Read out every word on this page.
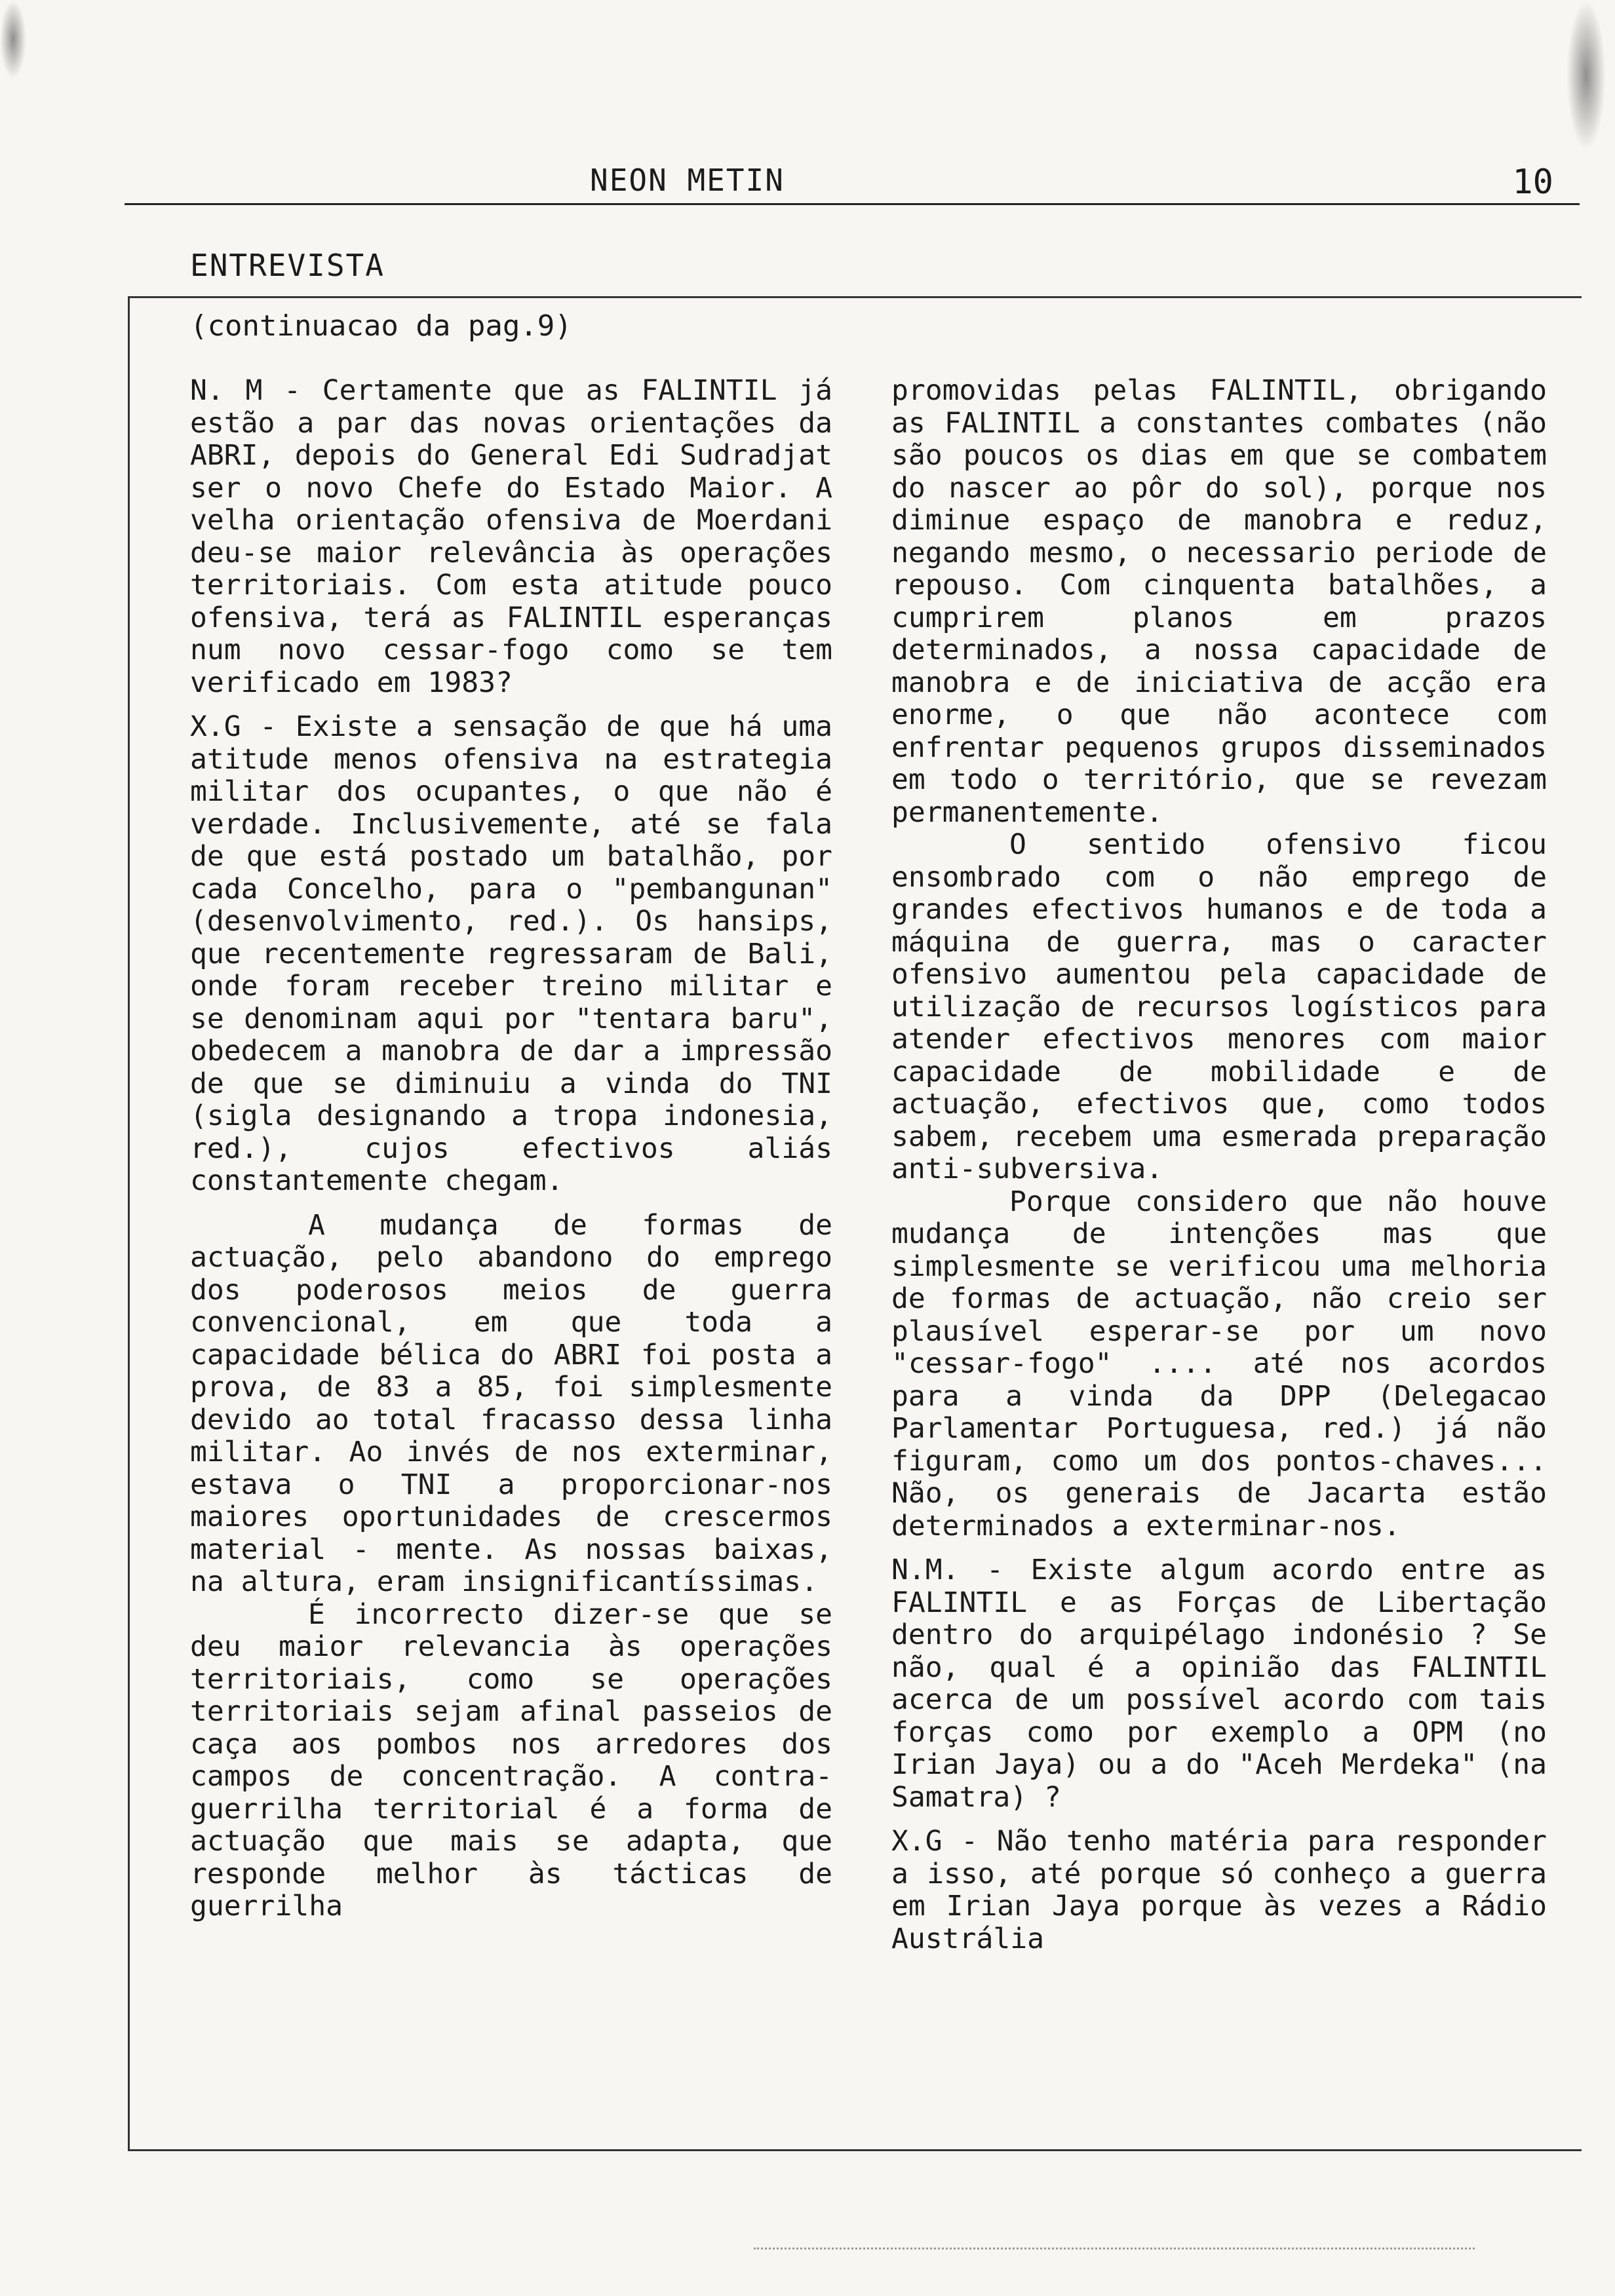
NEON METIN	10
ENTREVISTA
(continuacao da pag.9)

N. M - Certamente que as FALINTIL já estão a par das novas orientações da ABRI, depois do General Edi Sudradjat ser o novo Chefe do Estado Maior. A velha orientação ofensiva de Moerdani deu-se maior relevância às operações territoriais. Com esta atitude pouco ofensiva, terá as FALINTIL esperanças num novo cessar-fogo como se tem verificado em 1983?

X.G - Existe a sensação de que há uma atitude menos ofensiva na estrategia militar dos ocupantes, o que não é verdade. Inclusivemente, até se fala de que está postado um batalhão, por cada Concelho, para o "pembangunan" (desenvolvimento, red.). Os hansips, que recentemente regressaram de Bali, onde foram receber treino militar e se denominam aqui por "tentara baru", obedecem a manobra de dar a impressão de que se diminuiu a vinda do TNI (sigla designando a tropa indonesia, red.), cujos efectivos aliás constantemente chegam.

A mudança de formas de actuação, pelo abandono do emprego dos poderosos meios de guerra convencional, em que toda a capacidade bélica do ABRI foi posta a prova, de 83 a 85, foi simplesmente devido ao total fracasso dessa linha militar. Ao invés de nos exterminar, estava o TNI a proporcionar-nos maiores oportunidades de crescermos material - mente. As nossas baixas, na altura, eram insignificantíssimas.

É incorrecto dizer-se que se deu maior relevancia às operações territoriais, como se operações territoriais sejam afinal passeios de caça aos pombos nos arredores dos campos de concentração. A contra-guerrilha territorial é a forma de actuação que mais se adapta, que responde melhor às tácticas de guerrilha

promovidas pelas FALINTIL, obrigando as FALINTIL a constantes combates (não são poucos os dias em que se combatem do nascer ao pôr do sol), porque nos diminue espaço de manobra e reduz, negando mesmo, o necessario periode de repouso. Com cinquenta batalhões, a cumprirem planos em prazos determinados, a nossa capacidade de manobra e de iniciativa de acção era enorme, o que não acontece com enfrentar pequenos grupos disseminados em todo o território, que se revezam permanentemente.

O sentido ofensivo ficou ensombrado com o não emprego de grandes efectivos humanos e de toda a máquina de guerra, mas o caracter ofensivo aumentou pela capacidade de utilização de recursos logísticos para atender efectivos menores com maior capacidade de mobilidade e de actuação, efectivos que, como todos sabem, recebem uma esmerada preparação anti-subversiva.

Porque considero que não houve mudança de intenções mas que simplesmente se verificou uma melhoria de formas de actuação, não creio ser plausível esperar-se por um novo "cessar-fogo" .... até nos acordos para a vinda da DPP (Delegacao Parlamentar Portuguesa, red.) já não figuram, como um dos pontos-chaves... Não, os generais de Jacarta estão determinados a exterminar-nos.

N.M. - Existe algum acordo entre as FALINTIL e as Forças de Libertação dentro do arquipélago indonésio ? Se não, qual é a opinião das FALINTIL acerca de um possível acordo com tais forças como por exemplo a OPM (no Irian Jaya) ou a do "Aceh Merdeka" (na Samatra) ?

X.G - Não tenho matéria para responder a isso, até porque só conheço a guerra em Irian Jaya porque às vezes a Rádio Austrália
